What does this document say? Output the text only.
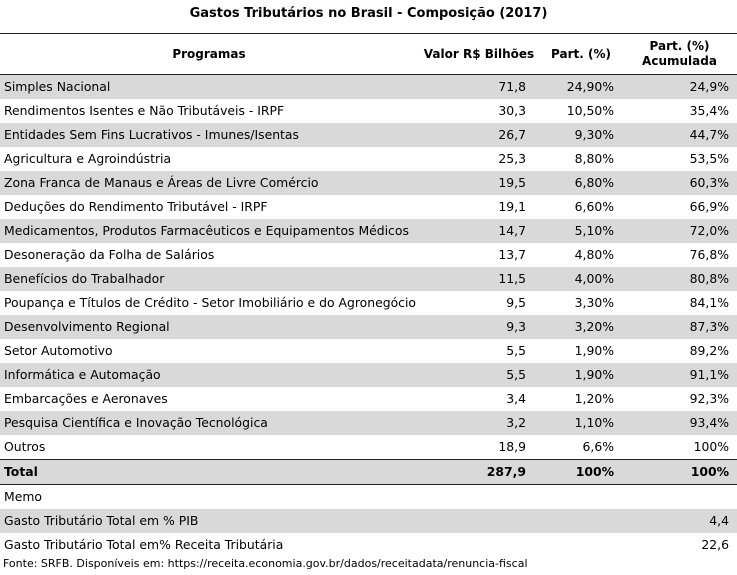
Gastos Tributários no Brasil - Composição (2017)
Programas	Valor R$ Bilhões	Part. (%)	Part. (%)
Acumulada
Simples Nacional	71,8	24,90%	24,9%
Rendimentos Isentes e Não Tributáveis - IRPF	30,3	10,50%	35,4%
Entidades Sem Fins Lucrativos - Imunes/Isentas	26,7	9,30%	44,7%
Agricultura e Agroindústria	25,3	8,80%	53,5%
Zona Franca de Manaus e Áreas de Livre Comércio	19,5	6,80%	60,3%
Deduções do Rendimento Tributável - IRPF	19,1	6,60%	66,9%
Medicamentos, Produtos Farmacêuticos e Equipamentos Médicos	14,7	5,10%	72,0%
Desoneração da Folha de Salários	13,7	4,80%	76,8%
Benefícios do Trabalhador	11,5	4,00%	80,8%
Poupança e Títulos de Crédito - Setor Imobiliário e do Agronegócio	9,5	3,30%	84,1%
Desenvolvimento Regional	9,3	3,20%	87,3%
Setor Automotivo	5,5	1,90%	89,2%
Informática e Automação	5,5	1,90%	91,1%
Embarcações e Aeronaves	3,4	1,20%	92,3%
Pesquisa Científica e Inovação Tecnológica	3,2	1,10%	93,4%
Outros	18,9	6,6%	100%
Total	287,9	100%	100%
Memo			
Gasto Tributário Total em % PIB			4,4
Gasto Tributário Total em% Receita Tributária			22,6
Fonte: SRFB. Disponíveis em: https://receita.economia.gov.br/dados/receitadata/renuncia-fiscal
